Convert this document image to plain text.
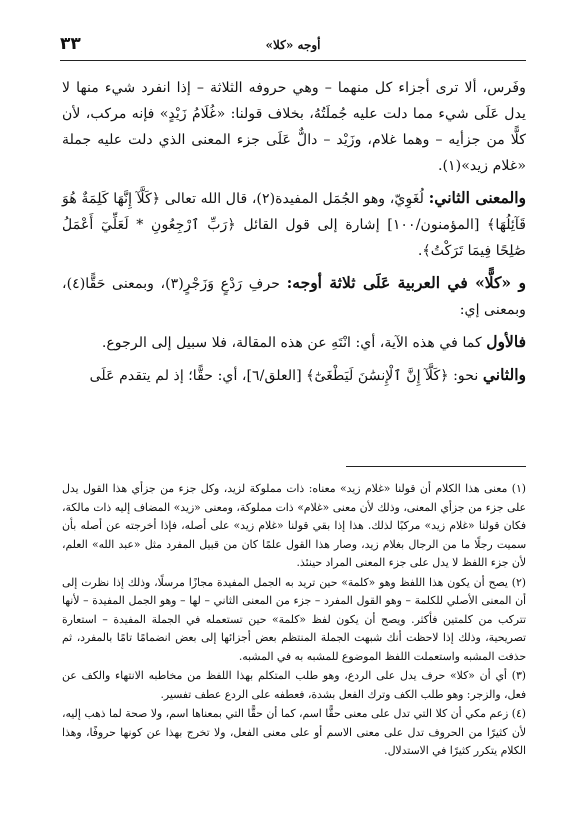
٣٣	أوجه «كلا»

وفَرس، ألا ترى أجزاء كل منهما – وهي حروفه الثلاثة – إذا انفرد شيء منها لا يدل عَلَى شيء مما دلت عليه جُملَتُهُ، بخلاف قولنا: «غُلَامُ زَيْدٍ» فإنه مركب، لأن كلًّا من جزأيه – وهما غلام، وزَيْد – دالٌّ عَلَى جزء المعنى الذي دلت عليه جملة «غلام زيد»(١).

والمعنى الثاني: لُغَوِيّ، وهو الجُمَل المفيدة(٢)، قال الله تعالى ﴿كَلَّآ إِنَّهَا كَلِمَةٌ هُوَ قَآئِلُهَا﴾ [المؤمنون/١٠٠] إشارة إلى قول القائل ﴿رَبِّ ٱرْجِعُونِ * لَعَلِّيٓ أَعْمَلُ صَٰلِحًا فِيمَا تَرَكْتُ﴾.

و «كلًّا» في العربية عَلَى ثلاثة أوجه: حرفِ رَدْعٍ وَزَجْرٍ(٣)، وبمعنى حَقًّا(٤)، وبمعنى إي:

فالأول كما في هذه الآية، أي: انْتَهِ عن هذه المقالة، فلا سبيل إلى الرجوع.

والثاني نحو: ﴿كَلَّآ إِنَّ ٱلْإِنسَٰنَ لَيَطْغَىٰٓ﴾ [العلق/٦]، أي: حقًّا؛ إذ لم يتقدم عَلَى

(١) معنى هذا الكلام أن قولنا «غلام زيد» معناه: ذات مملوكة لزيد، وكل جزء من جزأي هذا القول يدل على جزء من جزأي المعنى، وذلك لأن معنى «غلام» ذات مملوكة، ومعنى «زيد» المضاف إليه ذات مالكة، فكان قولنا «غلام زيد» مركبًا لذلك. هذا إذا بقي قولنا «غلام زيد» على أصله، فإذا أخرجته عن أصله بأن سميت رجلًا ما من الرجال بغلام زيد، وصار هذا القول علمًا كان من قبيل المفرد مثل «عبد الله» العلم، لأن جزء اللفظ لا يدل على جزء المعنى المراد حينئذ.

(٢) يصح أن يكون هذا اللفظ وهو «كلمة» حين تريد به الجمل المفيدة مجازًا مرسلًا، وذلك إذا نظرت إلى أن المعنى الأصلي للكلمة – وهو القول المفرد – جزء من المعنى الثاني – لها – وهو الجمل المفيدة – لأنها تتركب من كلمتين فأكثر. ويصح أن يكون لفظ «كلمة» حين تستعمله في الجملة المفيدة – استعارة تصريحية، وذلك إذا لاحظت أنك شبهت الجملة المنتظم بعض أجزائها إلى بعض انضمامًا تامًا بالمفرد، ثم حذفت المشبه واستعملت اللفظ الموضوع للمشبه به في المشبه.

(٣) أي أن «كلا» حرف يدل على الردع، وهو طلب المتكلم بهذا اللفظ من مخاطبه الانتهاء والكف عن فعل، والزجر: وهو طلب الكف وترك الفعل بشدة، فعطفه على الردع عطف تفسير.

(٤) زعم مكي أن كلا التي تدل على معنى حقًّا اسم، كما أن حقًّا التي بمعناها اسم، ولا صحة لما ذهب إليه، لأن كثيرًا من الحروف تدل على معنى الاسم أو على معنى الفعل، ولا تخرج بهذا عن كونها حروفًا، وهذا الكلام يتكرر كثيرًا في الاستدلال.
